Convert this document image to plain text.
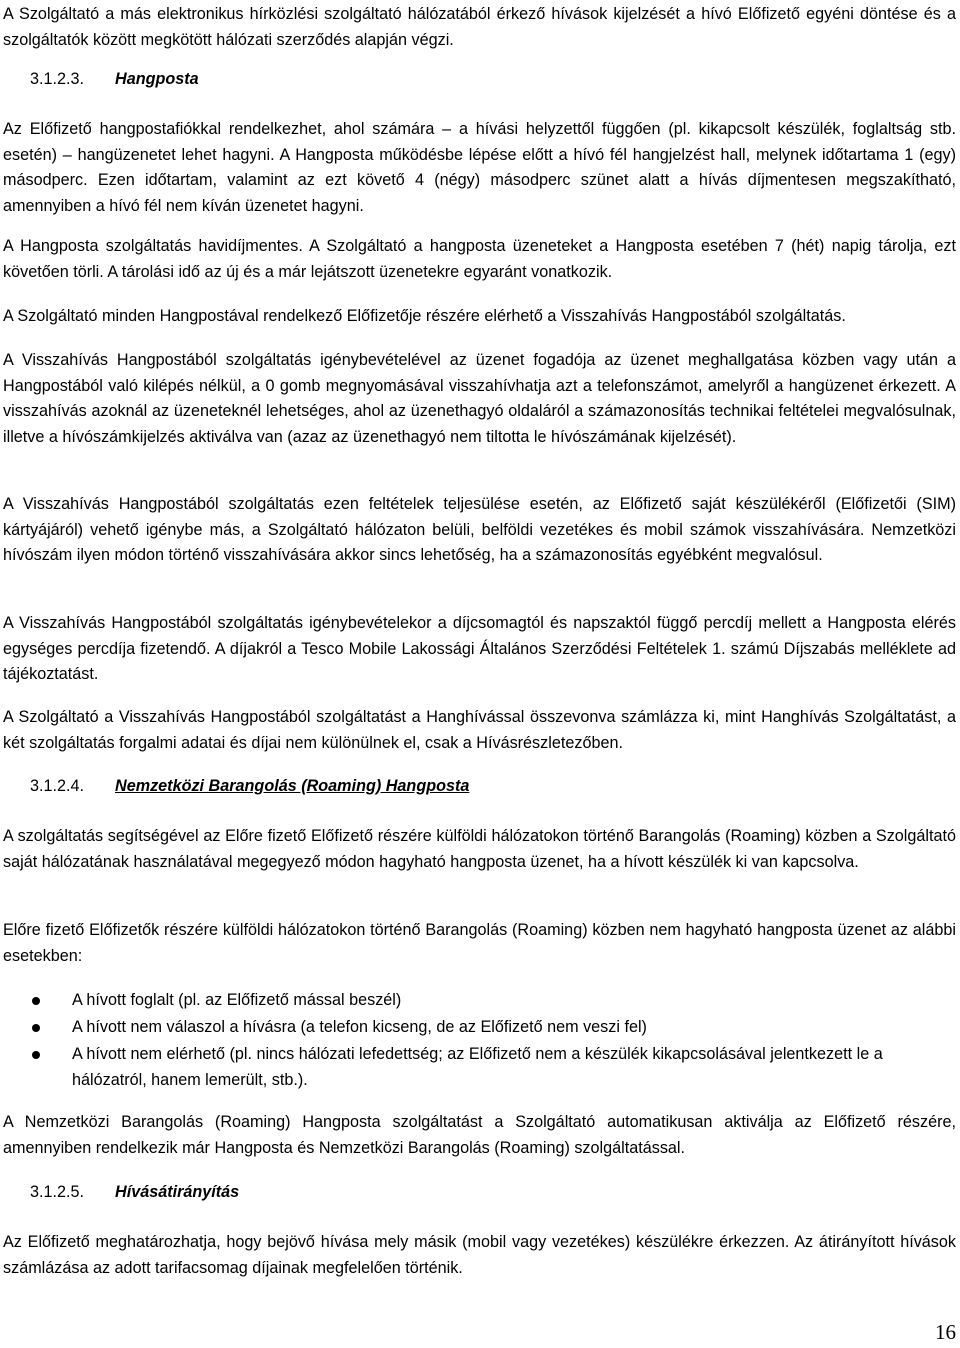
A Szolgáltató a más elektronikus hírközlési szolgáltató hálózatából érkező hívások kijelzését a hívó Előfizető egyéni döntése és a szolgáltatók között megkötött hálózati szerződés alapján végzi.

3.1.2.3. Hangposta

Az Előfizető hangpostafiókkal rendelkezhet, ahol számára – a hívási helyzettől függően (pl. kikapcsolt készülék, foglaltság stb. esetén) – hangüzenetet lehet hagyni. A Hangposta működésbe lépése előtt a hívó fél hangjelzést hall, melynek időtartama 1 (egy) másodperc. Ezen időtartam, valamint az ezt követő 4 (négy) másodperc szünet alatt a hívás díjmentesen megszakítható, amennyiben a hívó fél nem kíván üzenetet hagyni.

A Hangposta szolgáltatás havidíjmentes. A Szolgáltató a hangposta üzeneteket a Hangposta esetében 7 (hét) napig tárolja, ezt követően törli. A tárolási idő az új és a már lejátszott üzenetekre egyaránt vonatkozik.

A Szolgáltató minden Hangpostával rendelkező Előfizetője részére elérhető a Visszahívás Hangpostából szolgáltatás.

A Visszahívás Hangpostából szolgáltatás igénybevételével az üzenet fogadója az üzenet meghallgatása közben vagy után a Hangpostából való kilépés nélkül, a 0 gomb megnyomásával visszahívhatja azt a telefonszámot, amelyről a hangüzenet érkezett. A visszahívás azoknál az üzeneteknél lehetséges, ahol az üzenethagyó oldaláról a számazonosítás technikai feltételei megvalósulnak, illetve a hívószámkijelzés aktiválva van (azaz az üzenethagyó nem tiltotta le hívószámának kijelzését).

A Visszahívás Hangpostából szolgáltatás ezen feltételek teljesülése esetén, az Előfizető saját készülékéről (Előfizetői (SIM) kártyájáról) vehető igénybe más, a Szolgáltató hálózaton belüli, belföldi vezetékes és mobil számok visszahívására. Nemzetközi hívószám ilyen módon történő visszahívására akkor sincs lehetőség, ha a számazonosítás egyébként megvalósul.

A Visszahívás Hangpostából szolgáltatás igénybevételekor a díjcsomagtól és napszaktól függő percdíj mellett a Hangposta elérés egységes percdíja fizetendő. A díjakról a Tesco Mobile Lakossági Általános Szerződési Feltételek 1. számú Díjszabás melléklete ad tájékoztatást.

A Szolgáltató a Visszahívás Hangpostából szolgáltatást a Hanghívással összevonva számlázza ki, mint Hanghívás Szolgáltatást, a két szolgáltatás forgalmi adatai és díjai nem különülnek el, csak a Hívásrészletezőben.

3.1.2.4. Nemzetközi Barangolás (Roaming) Hangposta

A szolgáltatás segítségével az Előre fizető Előfizető részére külföldi hálózatokon történő Barangolás (Roaming) közben a Szolgáltató saját hálózatának használatával megegyező módon hagyható hangposta üzenet, ha a hívott készülék ki van kapcsolva.

Előre fizető Előfizetők részére külföldi hálózatokon történő Barangolás (Roaming) közben nem hagyható hangposta üzenet az alábbi esetekben:

A hívott foglalt (pl. az Előfizető mással beszél)
A hívott nem válaszol a hívásra (a telefon kicseng, de az Előfizető nem veszi fel)
A hívott nem elérhető (pl. nincs hálózati lefedettség; az Előfizető nem a készülék kikapcsolásával jelentkezett le a hálózatról, hanem lemerült, stb.).

A Nemzetközi Barangolás (Roaming) Hangposta szolgáltatást a Szolgáltató automatikusan aktiválja az Előfizető részére, amennyiben rendelkezik már Hangposta és Nemzetközi Barangolás (Roaming) szolgáltatással.

3.1.2.5. Hívásátirányítás

Az Előfizető meghatározhatja, hogy bejövő hívása mely másik (mobil vagy vezetékes) készülékre érkezzen. Az átirányított hívások számlázása az adott tarifacsomag díjainak megfelelően történik.

16
